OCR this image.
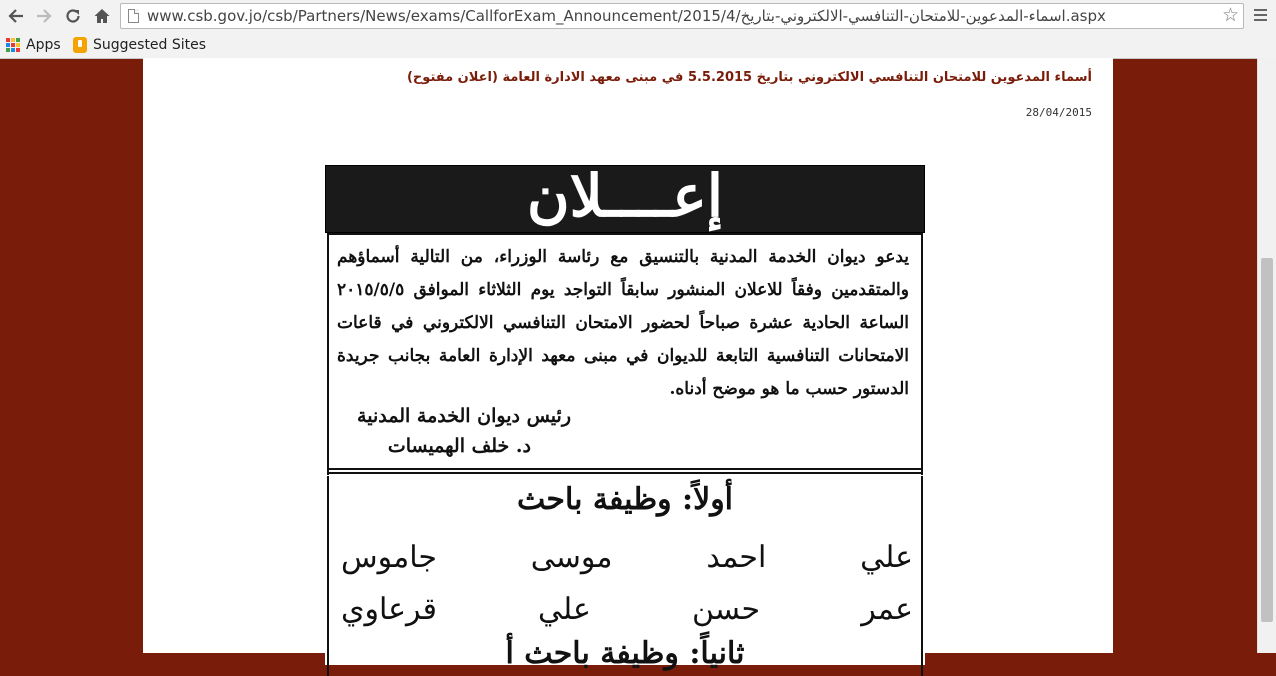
www.csb.gov.jo/csb/Partners/News/exams/CallforExam_Announcement/2015/4/اسماء-المدعوين-للامتحان-التنافسي-الالكتروني-بتاريخ.aspx	☆
Apps Suggested Sites
أسماء المدعوين للامتحان التنافسي الالكتروني بتاريخ 5.5.2015 في مبنى معهد الادارة العامة (اعلان مفتوح)
28/04/2015
إعــــلان
يدعو ديوان الخدمة المدنية بالتنسيق مع رئاسة الوزراء، من التالية أسماؤهم والمتقدمين وفقاً للاعلان المنشور سابقاً التواجد يوم الثلاثاء الموافق ٢٠١٥/٥/٥ الساعة الحادية عشرة صباحاً لحضور الامتحان التنافسي الالكتروني في قاعات الامتحانات التنافسية التابعة للديوان في مبنى معهد الإدارة العامة بجانب جريدة الدستور حسب ما هو موضح أدناه.
رئيس ديوان الخدمة المدنية
د. خلف الهميسات
أولاً: وظيفة باحث
علي احمد موسى جاموس
عمر حسن علي قرعاوي
ثانياً: وظيفة باحث أ
